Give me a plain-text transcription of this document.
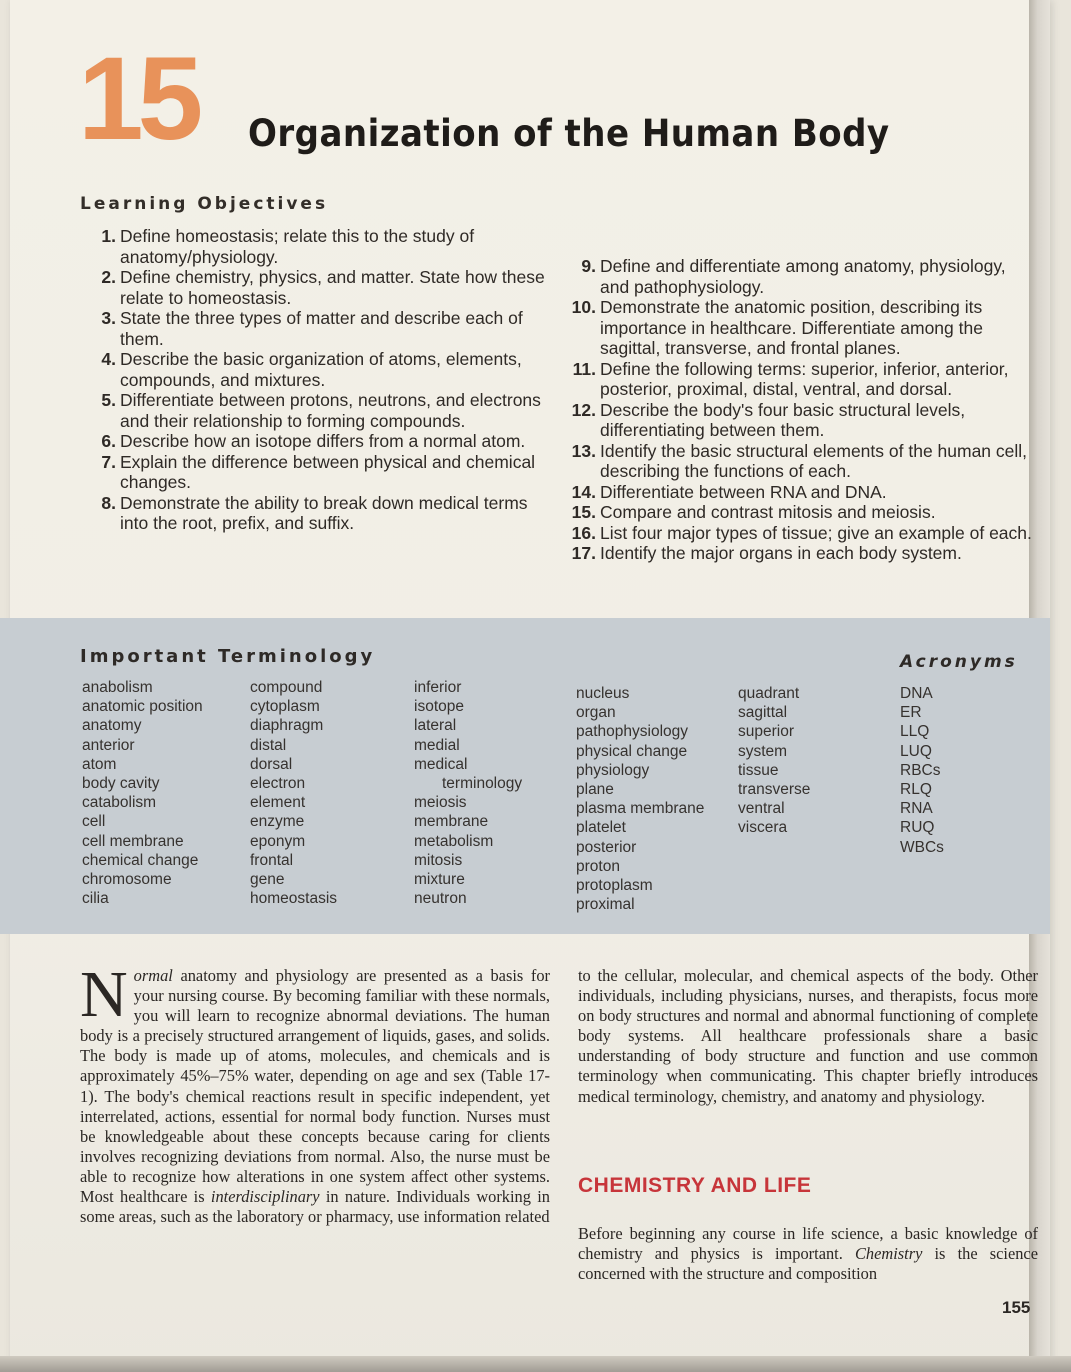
15 Organization of the Human Body
Learning Objectives
1. Define homeostasis; relate this to the study of anatomy/physiology.
2. Define chemistry, physics, and matter. State how these relate to homeostasis.
3. State the three types of matter and describe each of them.
4. Describe the basic organization of atoms, elements, compounds, and mixtures.
5. Differentiate between protons, neutrons, and electrons and their relationship to forming compounds.
6. Describe how an isotope differs from a normal atom.
7. Explain the difference between physical and chemical changes.
8. Demonstrate the ability to break down medical terms into the root, prefix, and suffix.
9. Define and differentiate among anatomy, physiology, and pathophysiology.
10. Demonstrate the anatomic position, describing its importance in healthcare. Differentiate among the sagittal, transverse, and frontal planes.
11. Define the following terms: superior, inferior, anterior, posterior, proximal, distal, ventral, and dorsal.
12. Describe the body's four basic structural levels, differentiating between them.
13. Identify the basic structural elements of the human cell, describing the functions of each.
14. Differentiate between RNA and DNA.
15. Compare and contrast mitosis and meiosis.
16. List four major types of tissue; give an example of each.
17. Identify the major organs in each body system.
Important Terminology	Acronyms
anabolism
anatomic position
anatomy
anterior
atom
body cavity
catabolism
cell
cell membrane
chemical change
chromosome
cilia
compound
cytoplasm
diaphragm
distal
dorsal
electron
element
enzyme
eponym
frontal
gene
homeostasis
inferior
isotope
lateral
medial
medical
terminology
meiosis
membrane
metabolism
mitosis
mixture
neutron
nucleus
organ
pathophysiology
physical change
physiology
plane
plasma membrane
platelet
posterior
proton
protoplasm
proximal
quadrant
sagittal
superior
system
tissue
transverse
ventral
viscera
DNA
ER
LLQ
LUQ
RBCs
RLQ
RNA
RUQ
WBCs

Normal anatomy and physiology are presented as a basis for your nursing course. By becoming familiar with these normals, you will learn to recognize abnormal deviations. The human body is a precisely structured arrangement of liquids, gases, and solids. The body is made up of atoms, molecules, and chemicals and is approximately 45%–75% water, depending on age and sex (Table 17-1). The body's chemical reactions result in specific independent, yet interrelated, actions, essential for normal body function. Nurses must be knowledgeable about these concepts because caring for clients involves recognizing deviations from normal. Also, the nurse must be able to recognize how alterations in one system affect other systems. Most healthcare is interdisciplinary in nature. Individuals working in some areas, such as the laboratory or pharmacy, use information related

to the cellular, molecular, and chemical aspects of the body. Other individuals, including physicians, nurses, and therapists, focus more on body structures and normal and abnormal functioning of complete body systems. All healthcare professionals share a basic understanding of body structure and function and use common terminology when communicating. This chapter briefly introduces medical terminology, chemistry, and anatomy and physiology.

CHEMISTRY AND LIFE

Before beginning any course in life science, a basic knowledge of chemistry and physics is important. Chemistry is the science concerned with the structure and composition

155
